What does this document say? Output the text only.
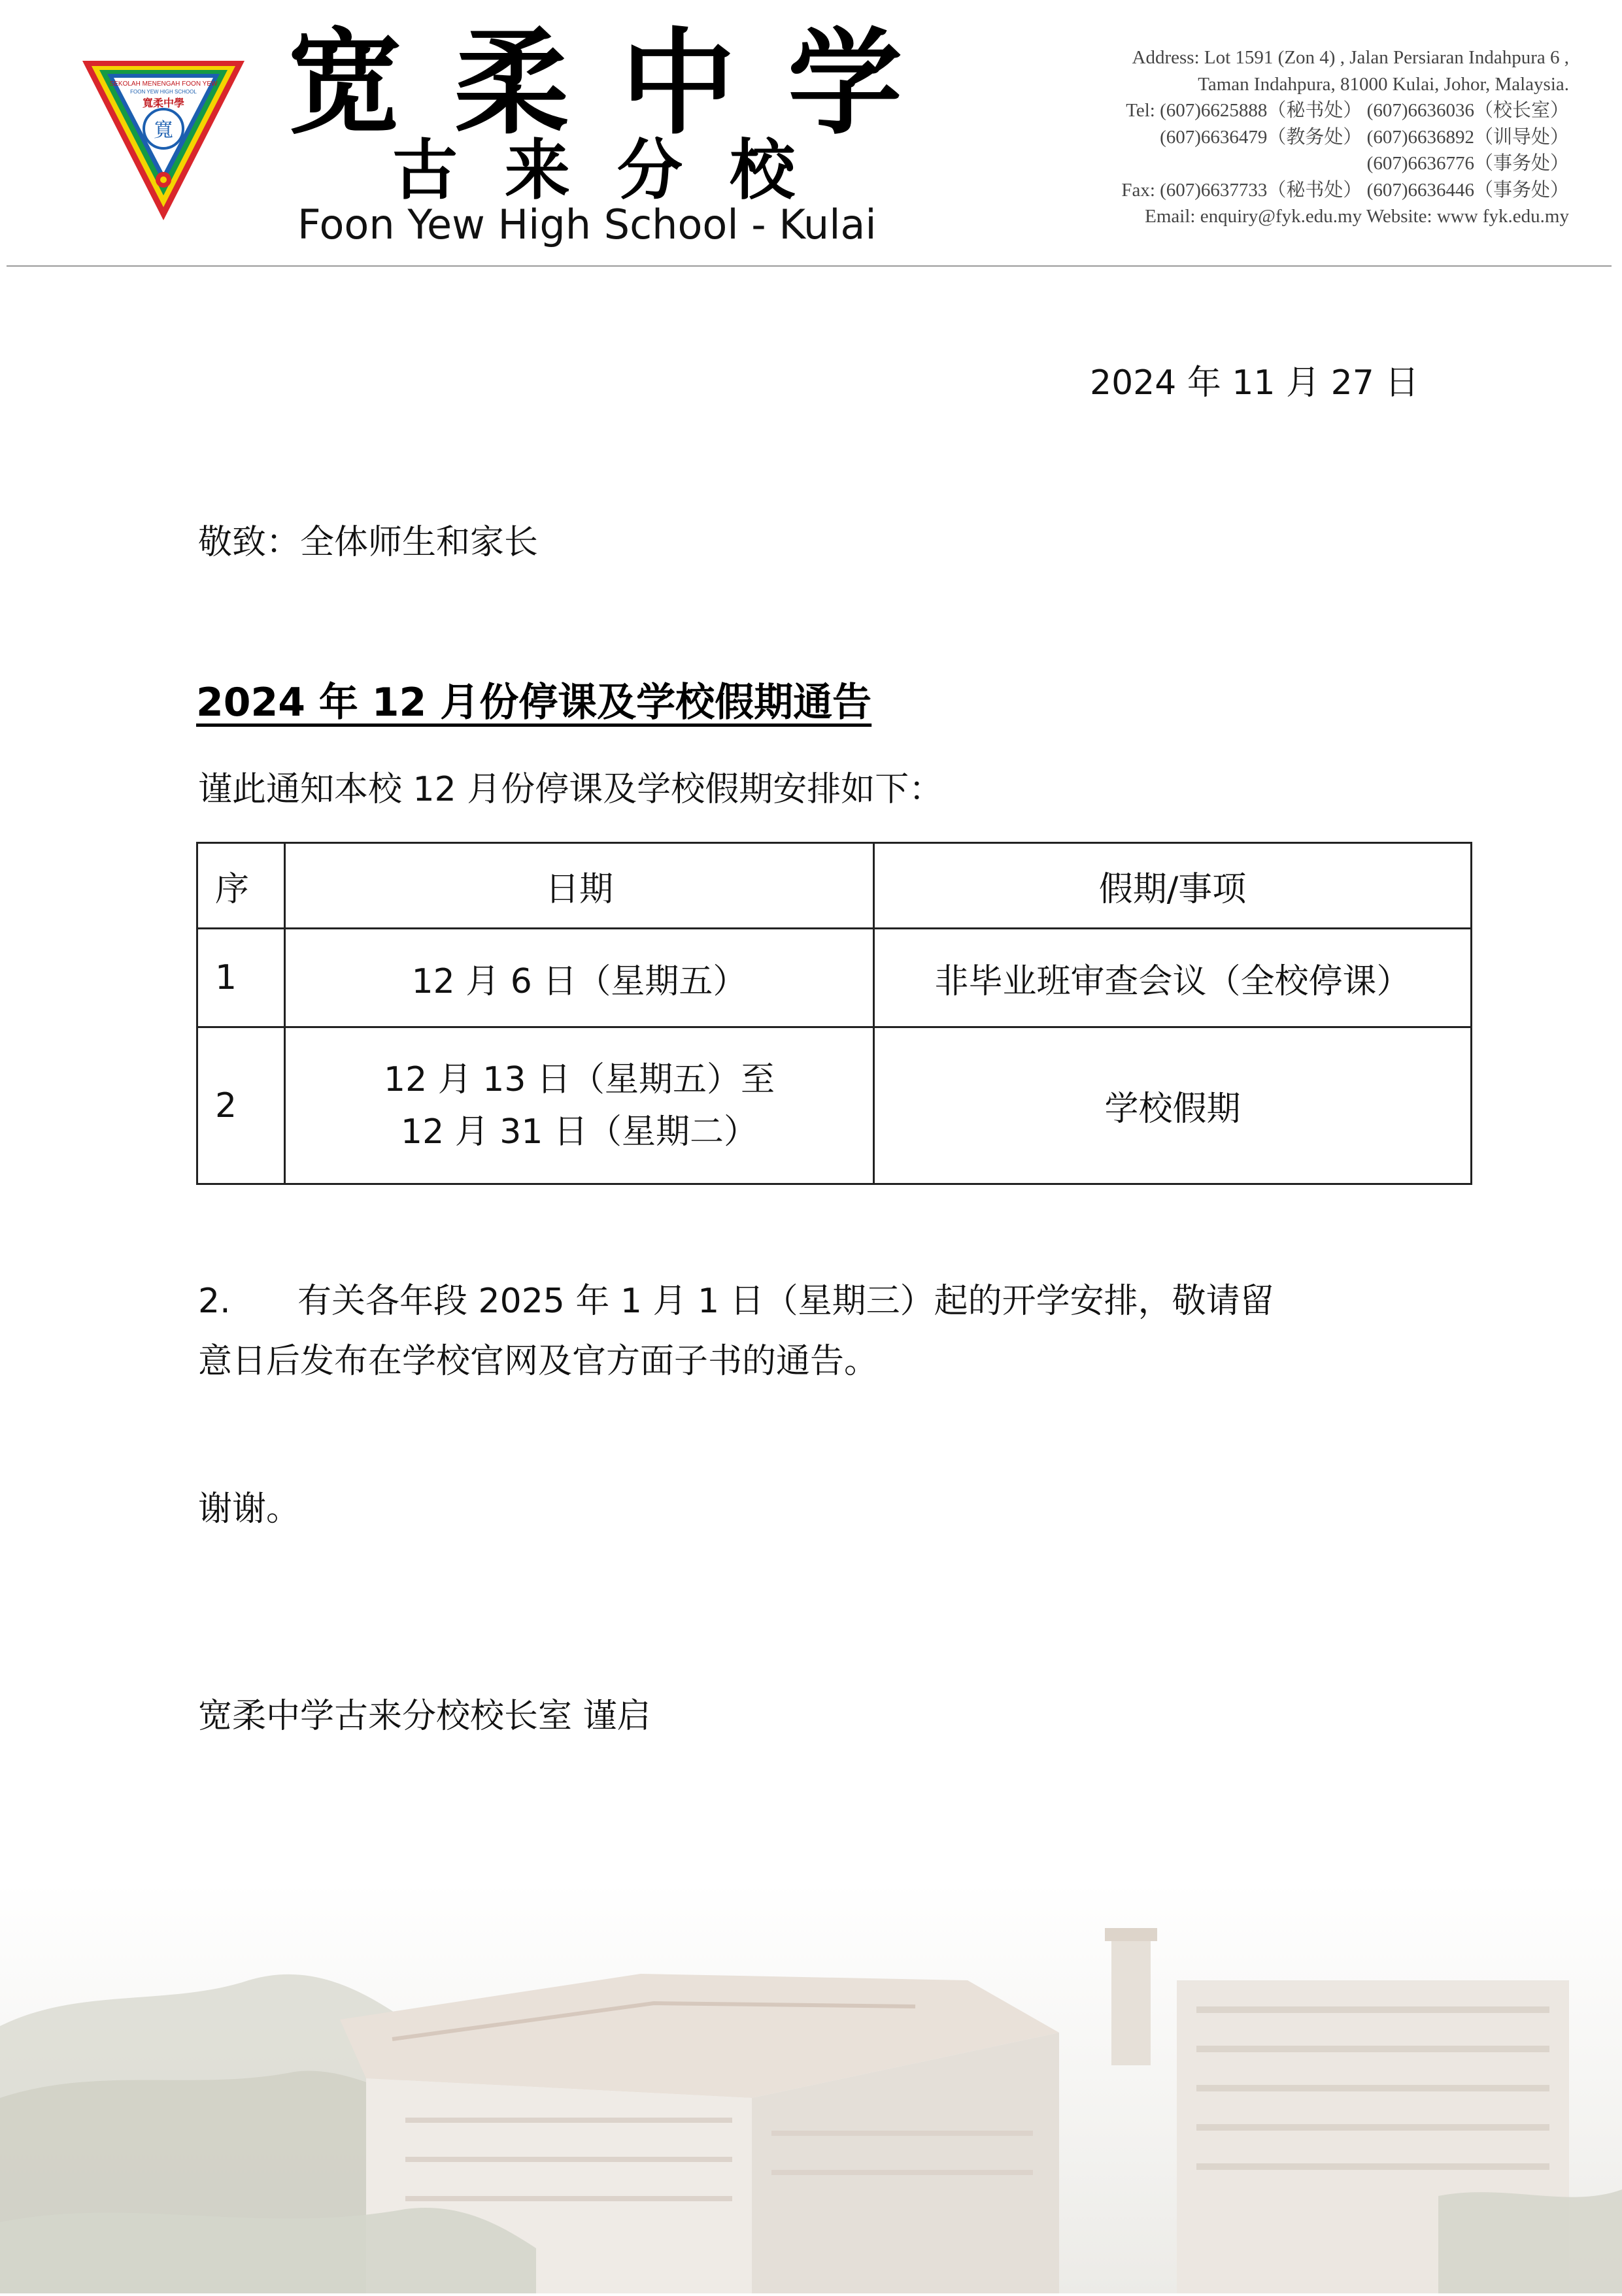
SEKOLAH MENENGAH FOON YEW
FOON YEW HIGH SCHOOL
寬柔中學
寬 宽柔中学
古来分校
Foon Yew High School - Kulai
Address: Lot 1591 (Zon 4) , Jalan Persiaran Indahpura 6 ,
Taman Indahpura, 81000 Kulai, Johor, Malaysia.
Tel: (607)6625888（秘书处） (607)6636036（校长室）
(607)6636479（教务处） (607)6636892（训导处）
(607)6636776（事务处）
Fax: (607)6637733（秘书处） (607)6636446（事务处）
Email: enquiry@fyk.edu.my Website: www fyk.edu.my
2024 年 11 月 27 日
敬致：全体师生和家长
2024 年 12 月份停课及学校假期通告
谨此通知本校 12 月份停课及学校假期安排如下：
序	日期	假期/事项
1	12 月 6 日（星期五）	非毕业班审查会议（全校停课）
2	12 月 13 日（星期五）至
12 月 31 日（星期二）	学校假期
2. 有关各年段 2025 年 1 月 1 日（星期三）起的开学安排，敬请留
意日后发布在学校官网及官方面子书的通告。
谢谢。
宽柔中学古来分校校长室 谨启
